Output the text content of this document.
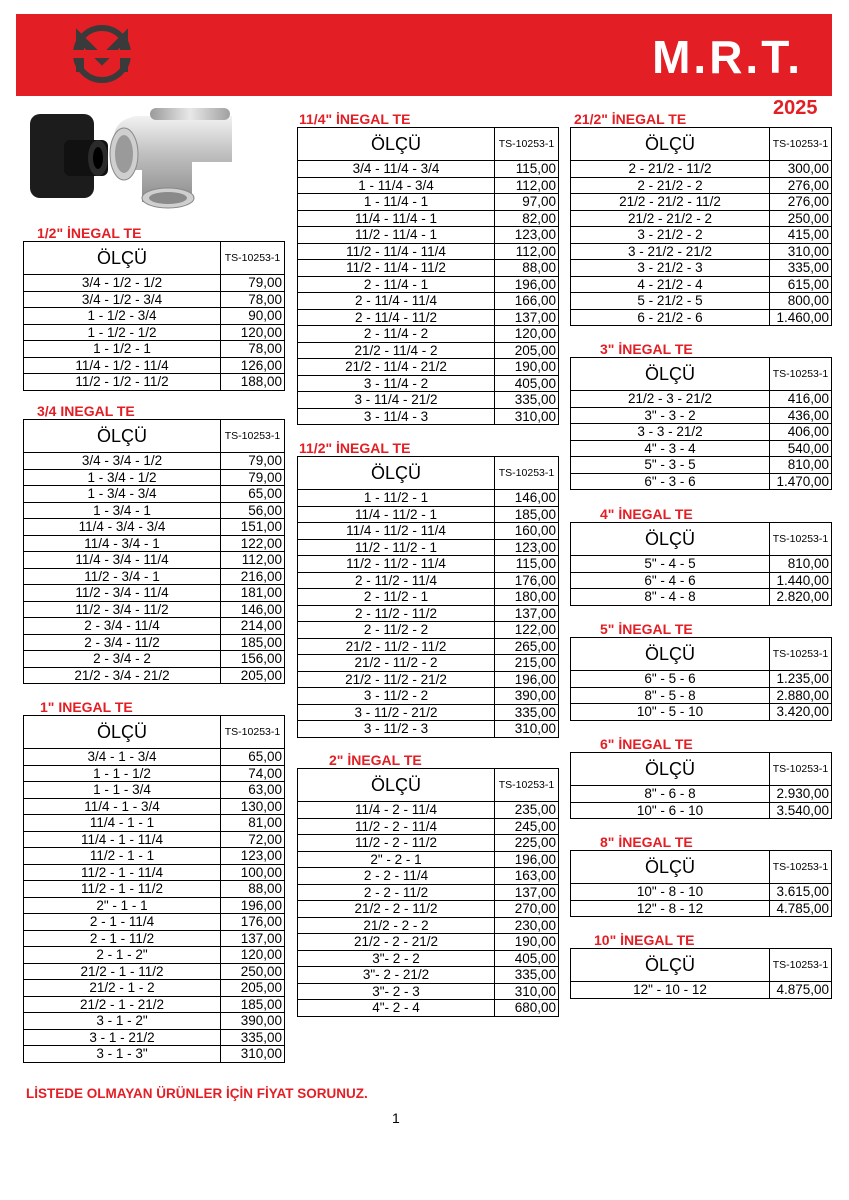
M.R.T.
2025
1/2" İNEGAL TE
ÖLÇÜ	TS-10253-1
3/4 - 1/2 - 1/2	79,00
3/4 - 1/2 - 3/4	78,00
1 - 1/2 - 3/4	90,00
1 - 1/2 - 1/2	120,00
1 - 1/2 - 1	78,00
11/4 - 1/2 - 11/4	126,00
11/2 - 1/2 - 11/2	188,00
3/4 INEGAL TE
ÖLÇÜ	TS-10253-1
3/4 - 3/4 - 1/2	79,00
1 - 3/4 - 1/2	79,00
1 - 3/4 - 3/4	65,00
1 - 3/4 - 1	56,00
11/4 - 3/4 - 3/4	151,00
11/4 - 3/4 - 1	122,00
11/4 - 3/4 - 11/4	112,00
11/2 - 3/4 - 1	216,00
11/2 - 3/4 - 11/4	181,00
11/2 - 3/4 - 11/2	146,00
2 - 3/4 - 11/4	214,00
2 - 3/4 - 11/2	185,00
2 - 3/4 - 2	156,00
21/2 - 3/4 - 21/2	205,00
1" INEGAL TE
ÖLÇÜ	TS-10253-1
3/4 - 1 - 3/4	65,00
1 - 1 - 1/2	74,00
1 - 1 - 3/4	63,00
11/4 - 1 - 3/4	130,00
11/4 - 1 - 1	81,00
11/4 - 1 - 11/4	72,00
11/2 - 1 - 1	123,00
11/2 - 1 - 11/4	100,00
11/2 - 1 - 11/2	88,00
2" - 1 - 1	196,00
2 - 1 - 11/4	176,00
2 - 1 - 11/2	137,00
2 - 1 - 2"	120,00
21/2 - 1 - 11/2	250,00
21/2 - 1 - 2	205,00
21/2 - 1 - 21/2	185,00
3 - 1 - 2"	390,00
3 - 1 - 21/2	335,00
3 - 1 - 3"	310,00
11/4" İNEGAL TE
ÖLÇÜ	TS-10253-1
3/4 - 11/4 - 3/4	115,00
1 - 11/4 - 3/4	112,00
1 - 11/4 - 1	97,00
11/4 - 11/4 - 1	82,00
11/2 - 11/4 - 1	123,00
11/2 - 11/4 - 11/4	112,00
11/2 - 11/4 - 11/2	88,00
2 - 11/4 - 1	196,00
2 - 11/4 - 11/4	166,00
2 - 11/4 - 11/2	137,00
2 - 11/4 - 2	120,00
21/2 - 11/4 - 2	205,00
21/2 - 11/4 - 21/2	190,00
3 - 11/4 - 2	405,00
3 - 11/4 - 21/2	335,00
3 - 11/4 - 3	310,00
11/2" İNEGAL TE
ÖLÇÜ	TS-10253-1
1 - 11/2 - 1	146,00
11/4 - 11/2 - 1	185,00
11/4 - 11/2 - 11/4	160,00
11/2 - 11/2 - 1	123,00
11/2 - 11/2 - 11/4	115,00
2 - 11/2 - 11/4	176,00
2 - 11/2 - 1	180,00
2 - 11/2 - 11/2	137,00
2 - 11/2 - 2	122,00
21/2 - 11/2 - 11/2	265,00
21/2 - 11/2 - 2	215,00
21/2 - 11/2 - 21/2	196,00
3 - 11/2 - 2	390,00
3 - 11/2 - 21/2	335,00
3 - 11/2 - 3	310,00
2" İNEGAL TE
ÖLÇÜ	TS-10253-1
11/4 - 2 - 11/4	235,00
11/2 - 2 - 11/4	245,00
11/2 - 2 - 11/2	225,00
2" - 2 - 1	196,00
2 - 2 - 11/4	163,00
2 - 2 - 11/2	137,00
21/2 - 2 - 11/2	270,00
21/2 - 2 - 2	230,00
21/2 - 2 - 21/2	190,00
3"- 2 - 2	405,00
3"- 2 - 21/2	335,00
3"- 2 - 3	310,00
4"- 2 - 4	680,00
21/2" İNEGAL TE
ÖLÇÜ	TS-10253-1
2 - 21/2 - 11/2	300,00
2 - 21/2 - 2	276,00
21/2 - 21/2 - 11/2	276,00
21/2 - 21/2 - 2	250,00
3 - 21/2 - 2	415,00
3 - 21/2 - 21/2	310,00
3 - 21/2 - 3	335,00
4 - 21/2 - 4	615,00
5 - 21/2 - 5	800,00
6 - 21/2 - 6	1.460,00
3" İNEGAL TE
ÖLÇÜ	TS-10253-1
21/2 - 3 - 21/2	416,00
3" - 3 - 2	436,00
3 - 3 - 21/2	406,00
4" - 3 - 4	540,00
5" - 3 - 5	810,00
6" - 3 - 6	1.470,00
4" İNEGAL TE
ÖLÇÜ	TS-10253-1
5" - 4 - 5	810,00
6" - 4 - 6	1.440,00
8" - 4 - 8	2.820,00
5" İNEGAL TE
ÖLÇÜ	TS-10253-1
6" - 5 - 6	1.235,00
8" - 5 - 8	2.880,00
10" - 5 - 10	3.420,00
6" İNEGAL TE
ÖLÇÜ	TS-10253-1
8" - 6 - 8	2.930,00
10" - 6 - 10	3.540,00
8" İNEGAL TE
ÖLÇÜ	TS-10253-1
10" - 8 - 10	3.615,00
12" - 8 - 12	4.785,00
10" İNEGAL TE
ÖLÇÜ	TS-10253-1
12" - 10 - 12	4.875,00
LİSTEDE OLMAYAN ÜRÜNLER İÇİN FİYAT SORUNUZ.
1
